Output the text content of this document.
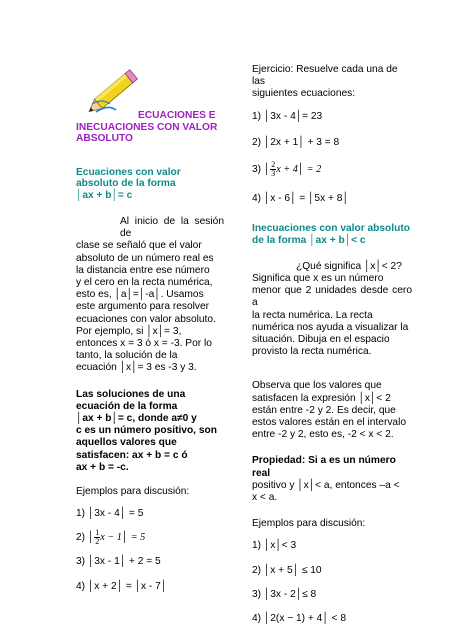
ECUACIONES E

INECUACIONES CON VALOR

ABSOLUTO

Ecuaciones con valor

absoluto de la forma

│ax + b│= c

Al inicio de la sesión de

clase se señaló que el valor

absoluto de un número real es

la distancia entre ese número

y el cero en la recta numérica,

esto es, │a│=│-a│. Usamos

este argumento para resolver

ecuaciones con valor absoluto.

Por ejemplo, si │x│= 3,

entonces x = 3 ó x = -3. Por lo

tanto, la solución de la

ecuación │x│= 3 es -3 y 3.

Las soluciones de una

ecuación de la forma

│ax + b│= c, donde a≠0 y

c es un número positivo, son

aquellos valores que

satisfacen: ax + b = c ó

ax + b = -c.

Ejemplos para discusión:

1) │3x - 4│ = 5

2) │ $\frac{1}{2}$ x − 1│ = 5

3) │3x - 1│ + 2 = 5

4) │x + 2│ = │x - 7│

Ejercicio: Resuelve cada una de las

siguientes ecuaciones:

1) │3x - 4│= 23

2) │2x + 1│ + 3 = 8

3) │ $\frac{2}{3}$ x + 4│ = 2

4) │x - 6│ = │5x + 8│

Inecuaciones con valor absoluto

de la forma │ax + b│< c

¿Qué significa │x│< 2?

Significa que x es un número

menor que 2 unidades desde cero a

la recta numérica. La recta

numérica nos ayuda a visualizar la

situación. Dibuja en el espacio

provisto la recta numérica.

Observa que los valores que

satisfacen la expresión │x│< 2

están entre -2 y 2. Es decir, que

estos valores están en el intervalo

entre -2 y 2, esto es, -2 < x < 2.

Propiedad: Si a es un número real

positivo y │x│< a, entonces –a <

x < a.

Ejemplos para discusión:

1) │x│< 3

2) │x + 5│ ≤ 10

3) │3x - 2│≤ 8

4) │2(x − 1) + 4│ < 8
